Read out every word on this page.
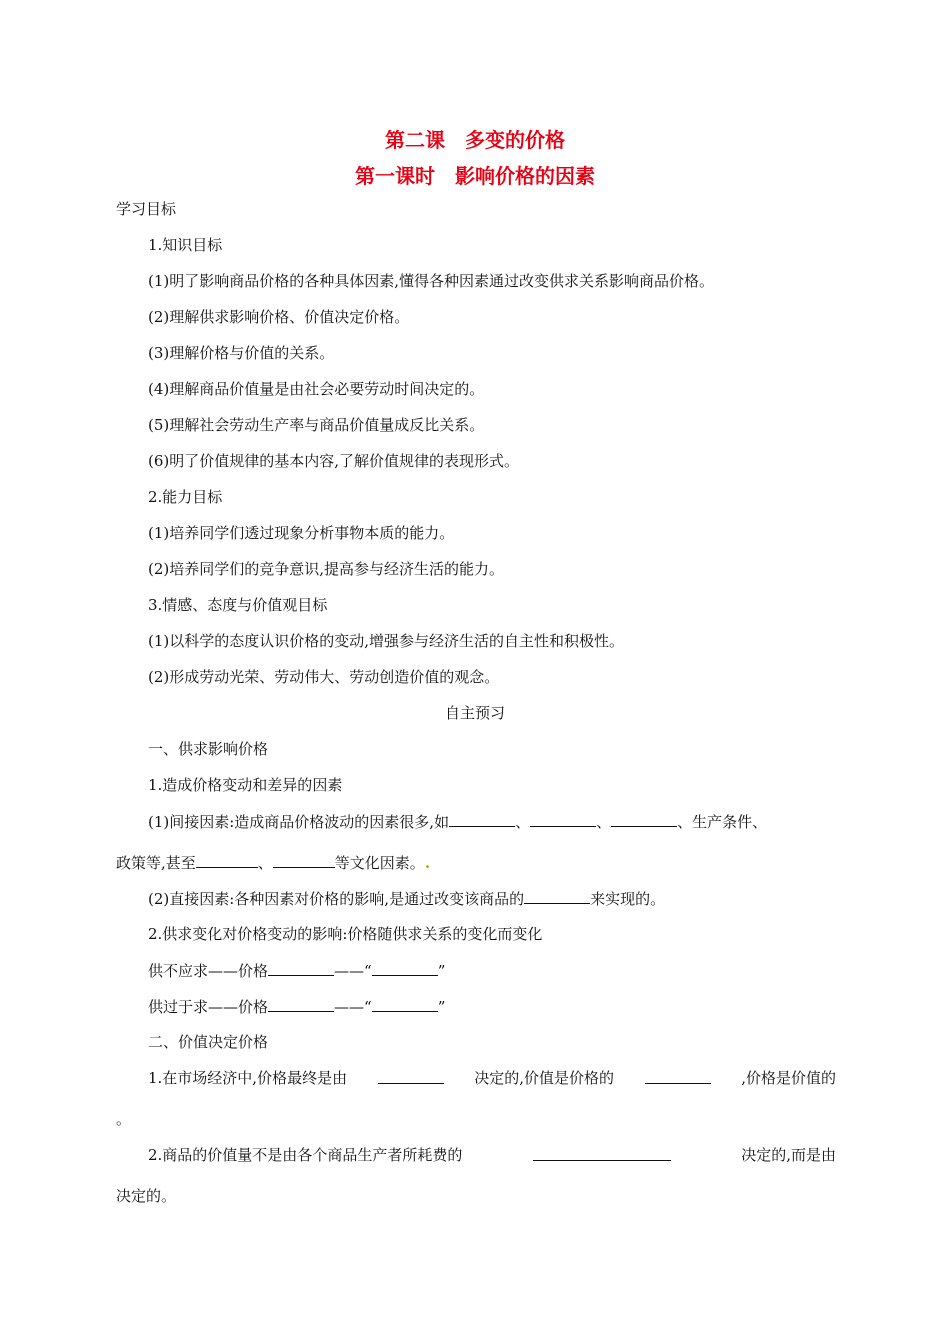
第二课　多变的价格
第一课时　影响价格的因素
学习目标
1.知识目标
(1)明了影响商品价格的各种具体因素,懂得各种因素通过改变供求关系影响商品价格。
(2)理解供求影响价格、价值决定价格。
(3)理解价格与价值的关系。
(4)理解商品价值量是由社会必要劳动时间决定的。
(5)理解社会劳动生产率与商品价值量成反比关系。
(6)明了价值规律的基本内容,了解价值规律的表现形式。
2.能力目标
(1)培养同学们透过现象分析事物本质的能力。
(2)培养同学们的竞争意识,提高参与经济生活的能力。
3.情感、态度与价值观目标
(1)以科学的态度认识价格的变动,增强参与经济生活的自主性和积极性。
(2)形成劳动光荣、劳动伟大、劳动创造价值的观念。
自主预习
一、供求影响价格
1.造成价格变动和差异的因素
(1)间接因素:造成商品价格波动的因素很多,如	、	、	、生产条件、
政策等,甚至	、	等文化因素。.
(2)直接因素:各种因素对价格的影响,是通过改变该商品的	来实现的。
2.供求变化对价格变动的影响:价格随供求关系的变化而变化
供不应求——价格	——“	”
供过于求——价格	——“	”
二、价值决定价格
1.在市场经济中,价格最终是由	决定的,价值是价格的	,价格是价值的
。
2.商品的价值量不是由各个商品生产者所耗费的	决定的,而是由
决定的。
